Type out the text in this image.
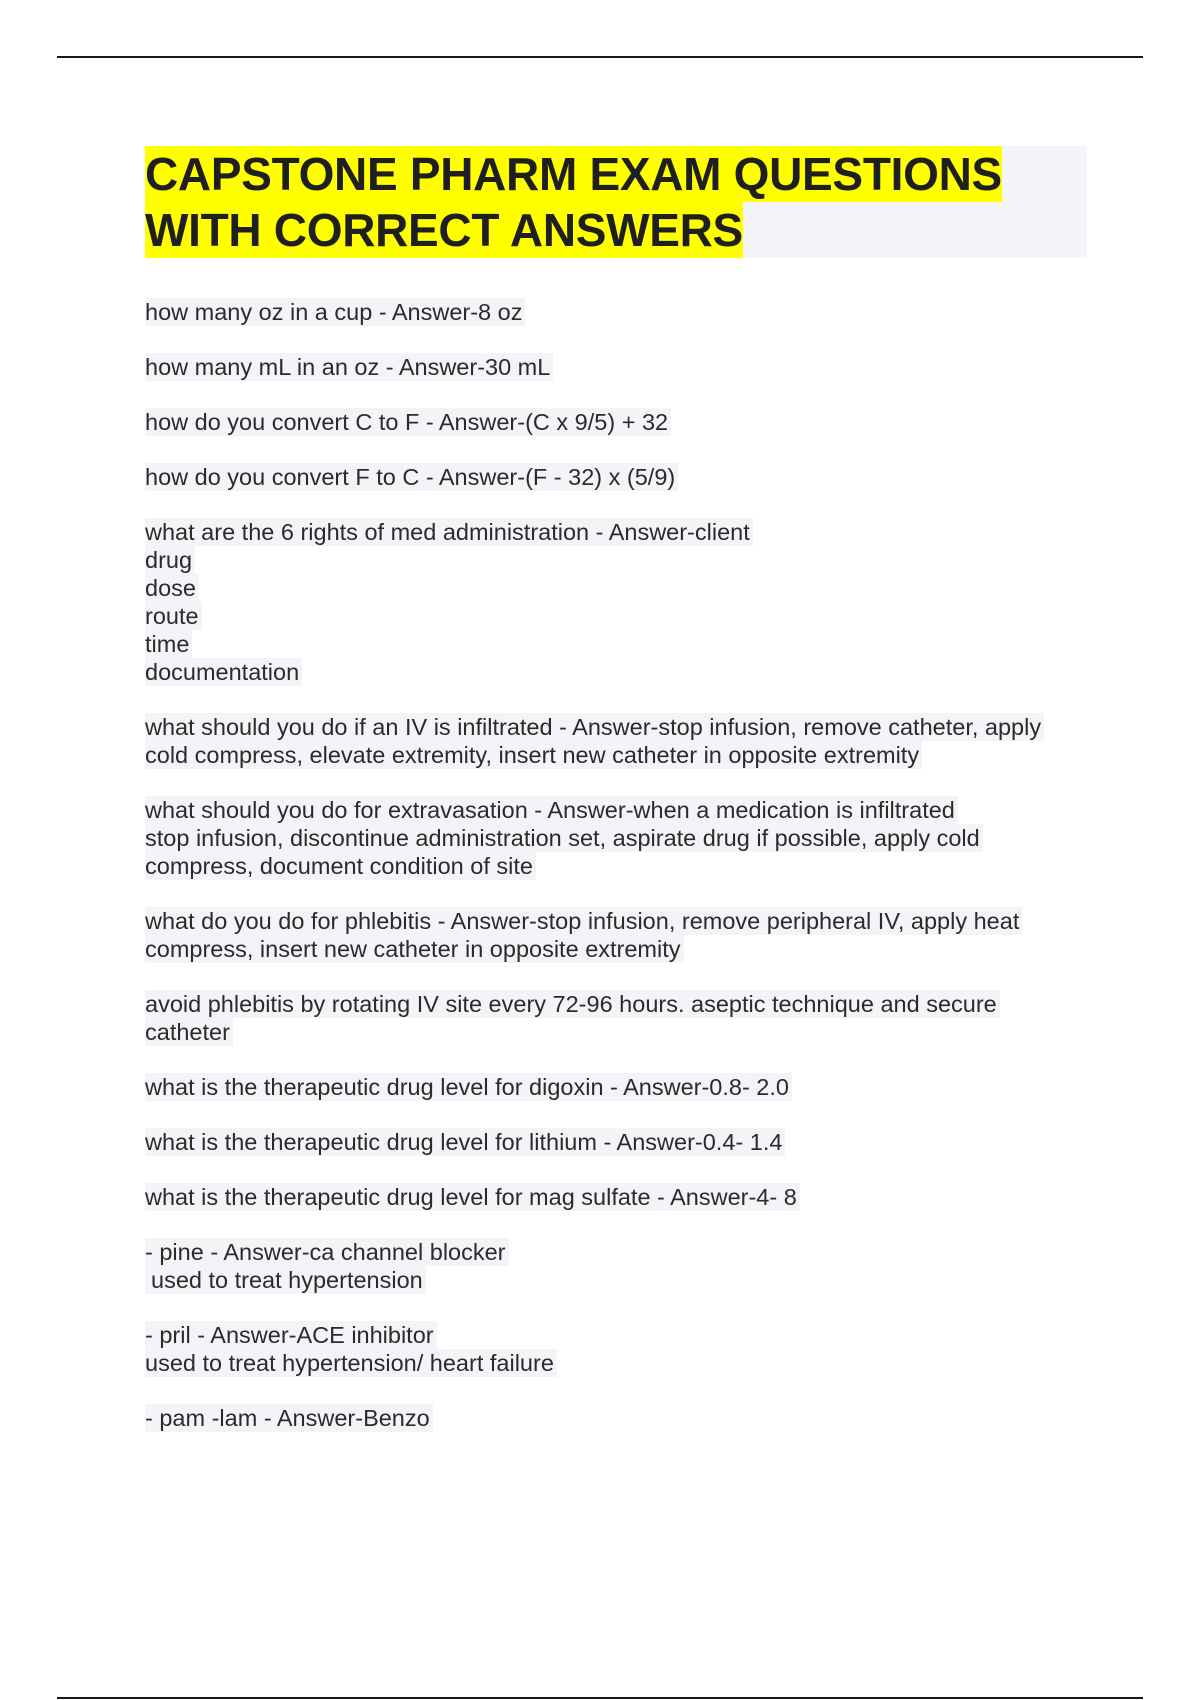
CAPSTONE PHARM EXAM QUESTIONS
WITH CORRECT ANSWERS
how many oz in a cup - Answer-8 oz
how many mL in an oz - Answer-30 mL
how do you convert C to F - Answer-(C x 9/5) + 32
how do you convert F to C - Answer-(F - 32) x (5/9)
what are the 6 rights of med administration - Answer-client
drug
dose
route
time
documentation
what should you do if an IV is infiltrated - Answer-stop infusion, remove catheter, apply
cold compress, elevate extremity, insert new catheter in opposite extremity
what should you do for extravasation - Answer-when a medication is infiltrated
stop infusion, discontinue administration set, aspirate drug if possible, apply cold
compress, document condition of site
what do you do for phlebitis - Answer-stop infusion, remove peripheral IV, apply heat
compress, insert new catheter in opposite extremity
avoid phlebitis by rotating IV site every 72-96 hours. aseptic technique and secure
catheter
what is the therapeutic drug level for digoxin - Answer-0.8- 2.0
what is the therapeutic drug level for lithium - Answer-0.4- 1.4
what is the therapeutic drug level for mag sulfate - Answer-4- 8
- pine - Answer-ca channel blocker
used to treat hypertension
- pril - Answer-ACE inhibitor
used to treat hypertension/ heart failure
- pam -lam - Answer-Benzo
